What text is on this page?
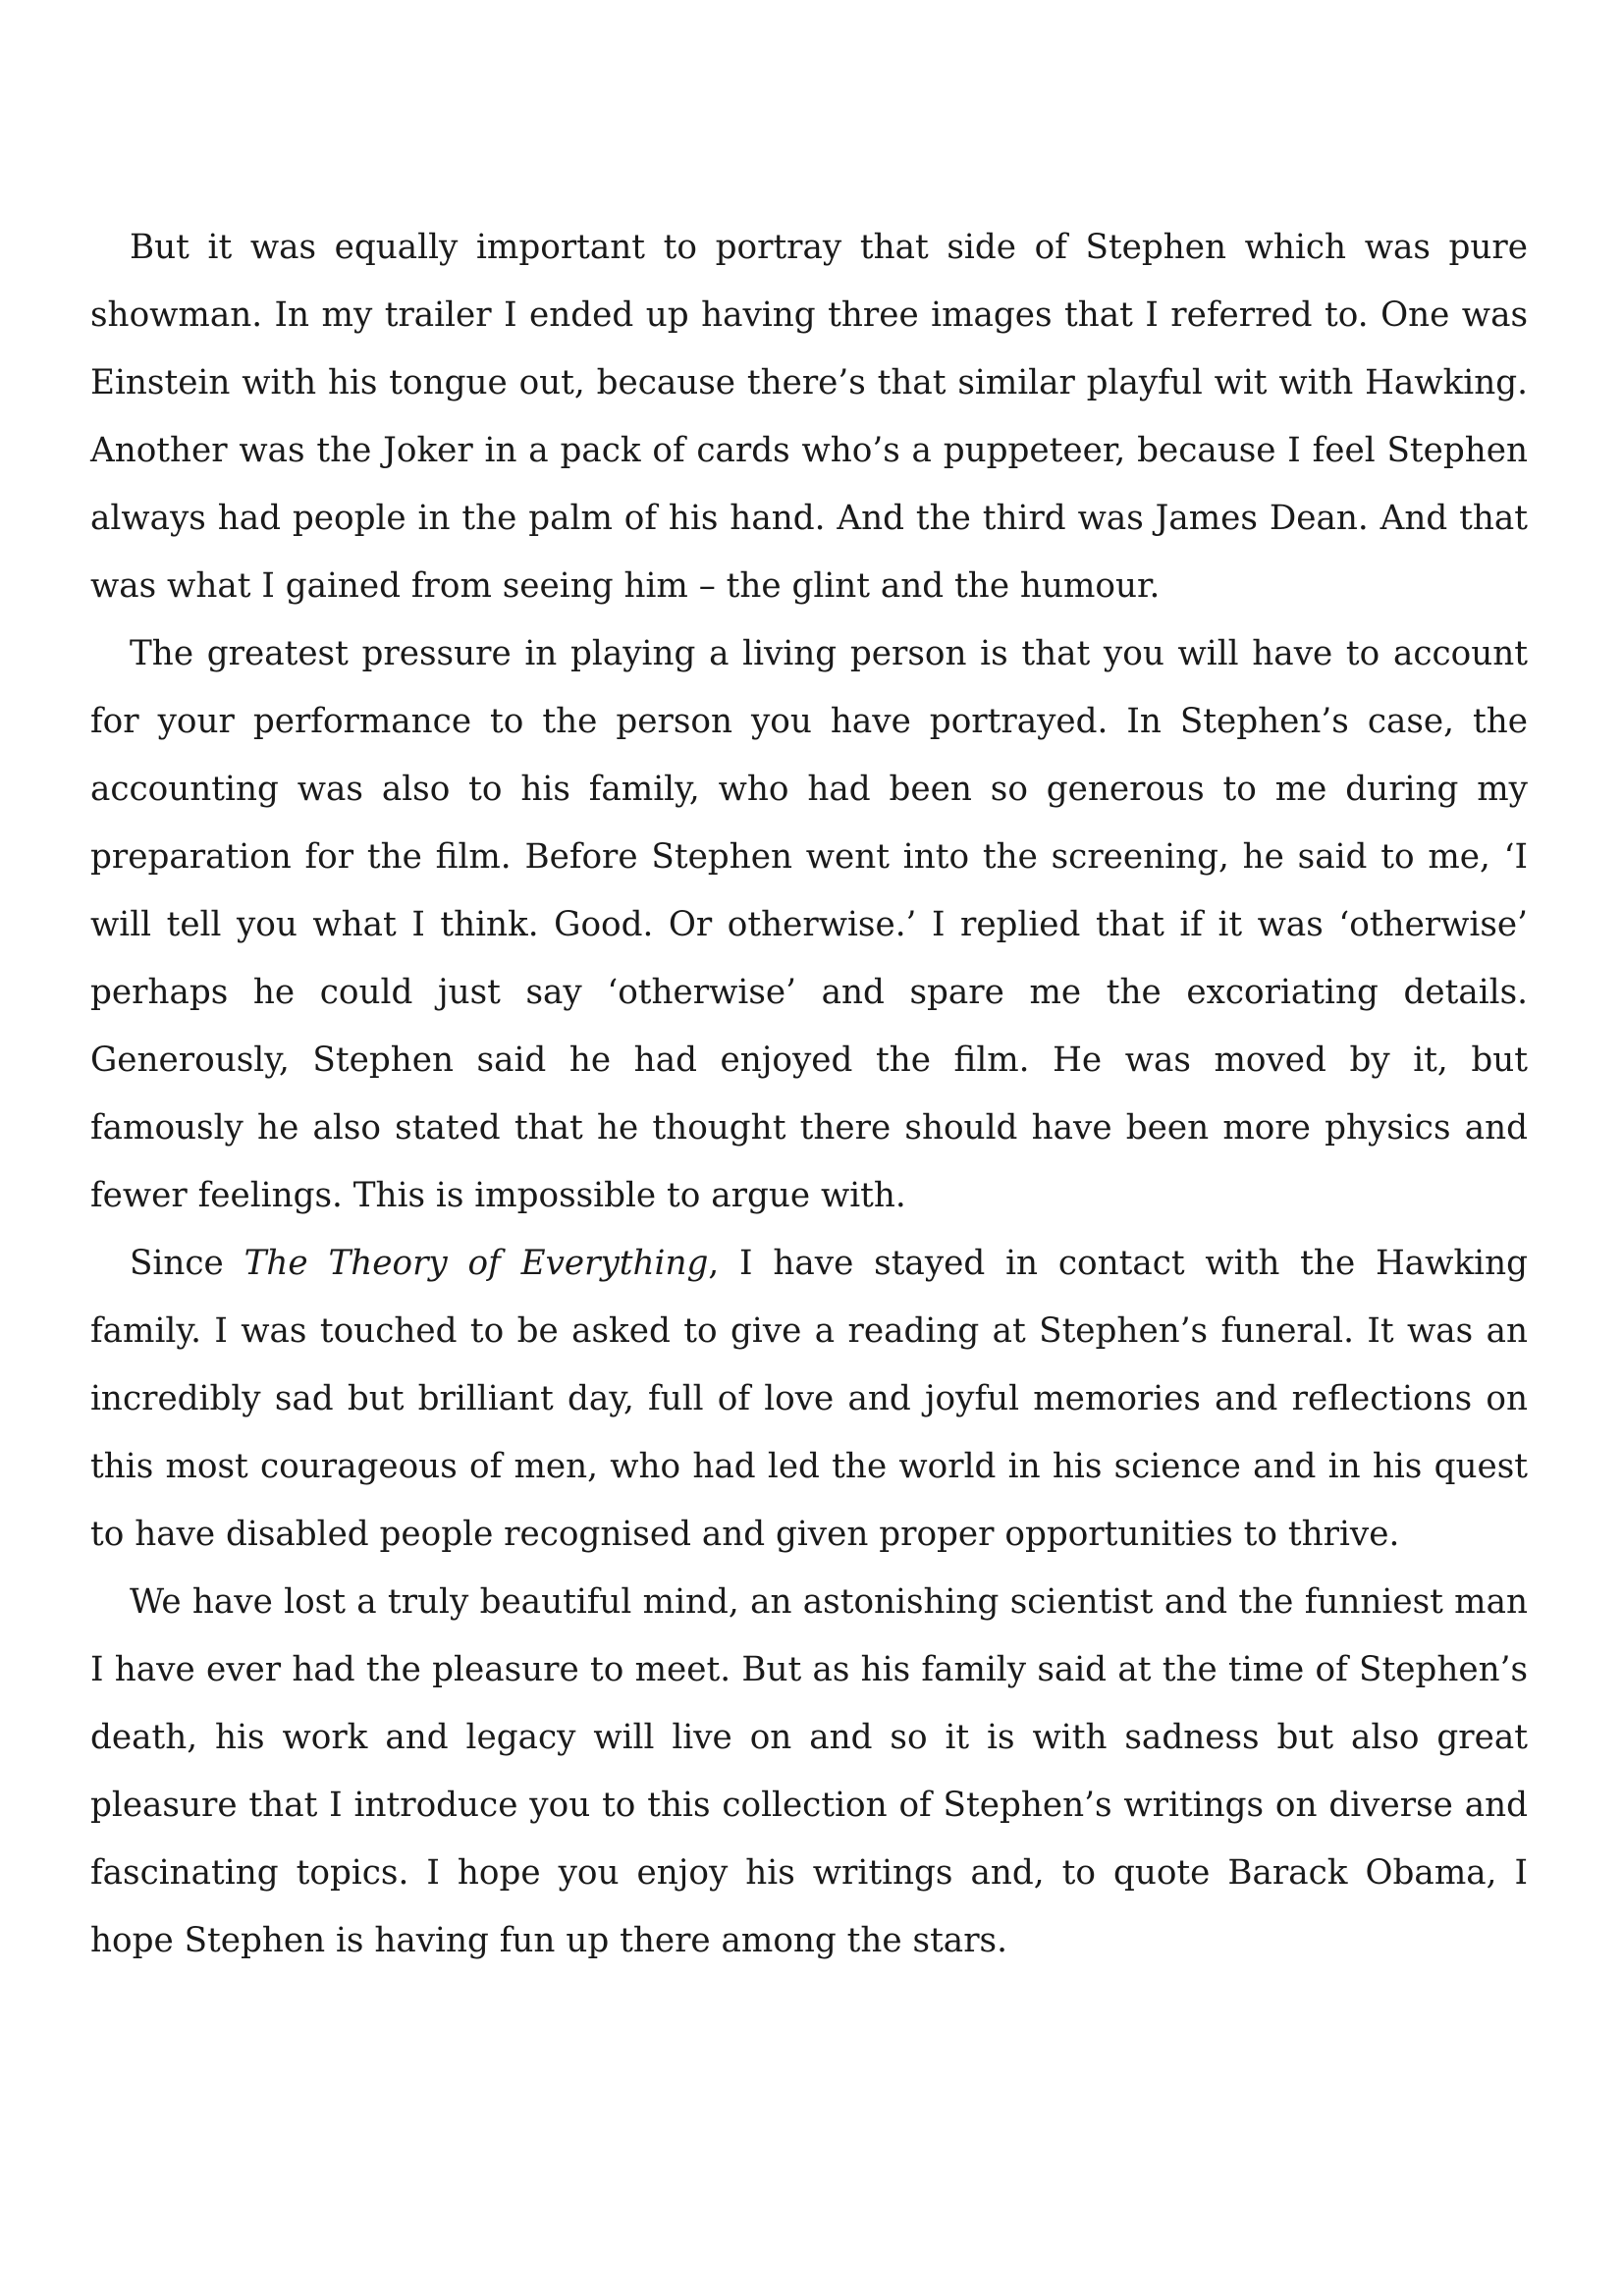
But it was equally important to portray that side of Stephen which was pure showman. In my trailer I ended up having three images that I referred to. One was Einstein with his tongue out, because there’s that similar playful wit with Hawking. Another was the Joker in a pack of cards who’s a puppeteer, because I feel Stephen always had people in the palm of his hand. And the third was James Dean. And that was what I gained from seeing him – the glint and the humour.

The greatest pressure in playing a living person is that you will have to account for your performance to the person you have portrayed. In Stephen’s case, the accounting was also to his family, who had been so generous to me during my preparation for the film. Before Stephen went into the screening, he said to me, ‘I will tell you what I think. Good. Or otherwise.’ I replied that if it was ‘otherwise’ perhaps he could just say ‘otherwise’ and spare me the excoriating details. Generously, Stephen said he had enjoyed the film. He was moved by it, but famously he also stated that he thought there should have been more physics and fewer feelings. This is impossible to argue with.

Since The Theory of Everything, I have stayed in contact with the Hawking family. I was touched to be asked to give a reading at Stephen’s funeral. It was an incredibly sad but brilliant day, full of love and joyful memories and reflections on this most courageous of men, who had led the world in his science and in his quest to have disabled people recognised and given proper opportunities to thrive.

We have lost a truly beautiful mind, an astonishing scientist and the funniest man I have ever had the pleasure to meet. But as his family said at the time of Stephen’s death, his work and legacy will live on and so it is with sadness but also great pleasure that I introduce you to this collection of Stephen’s writings on diverse and fascinating topics. I hope you enjoy his writings and, to quote Barack Obama, I hope Stephen is having fun up there among the stars.
